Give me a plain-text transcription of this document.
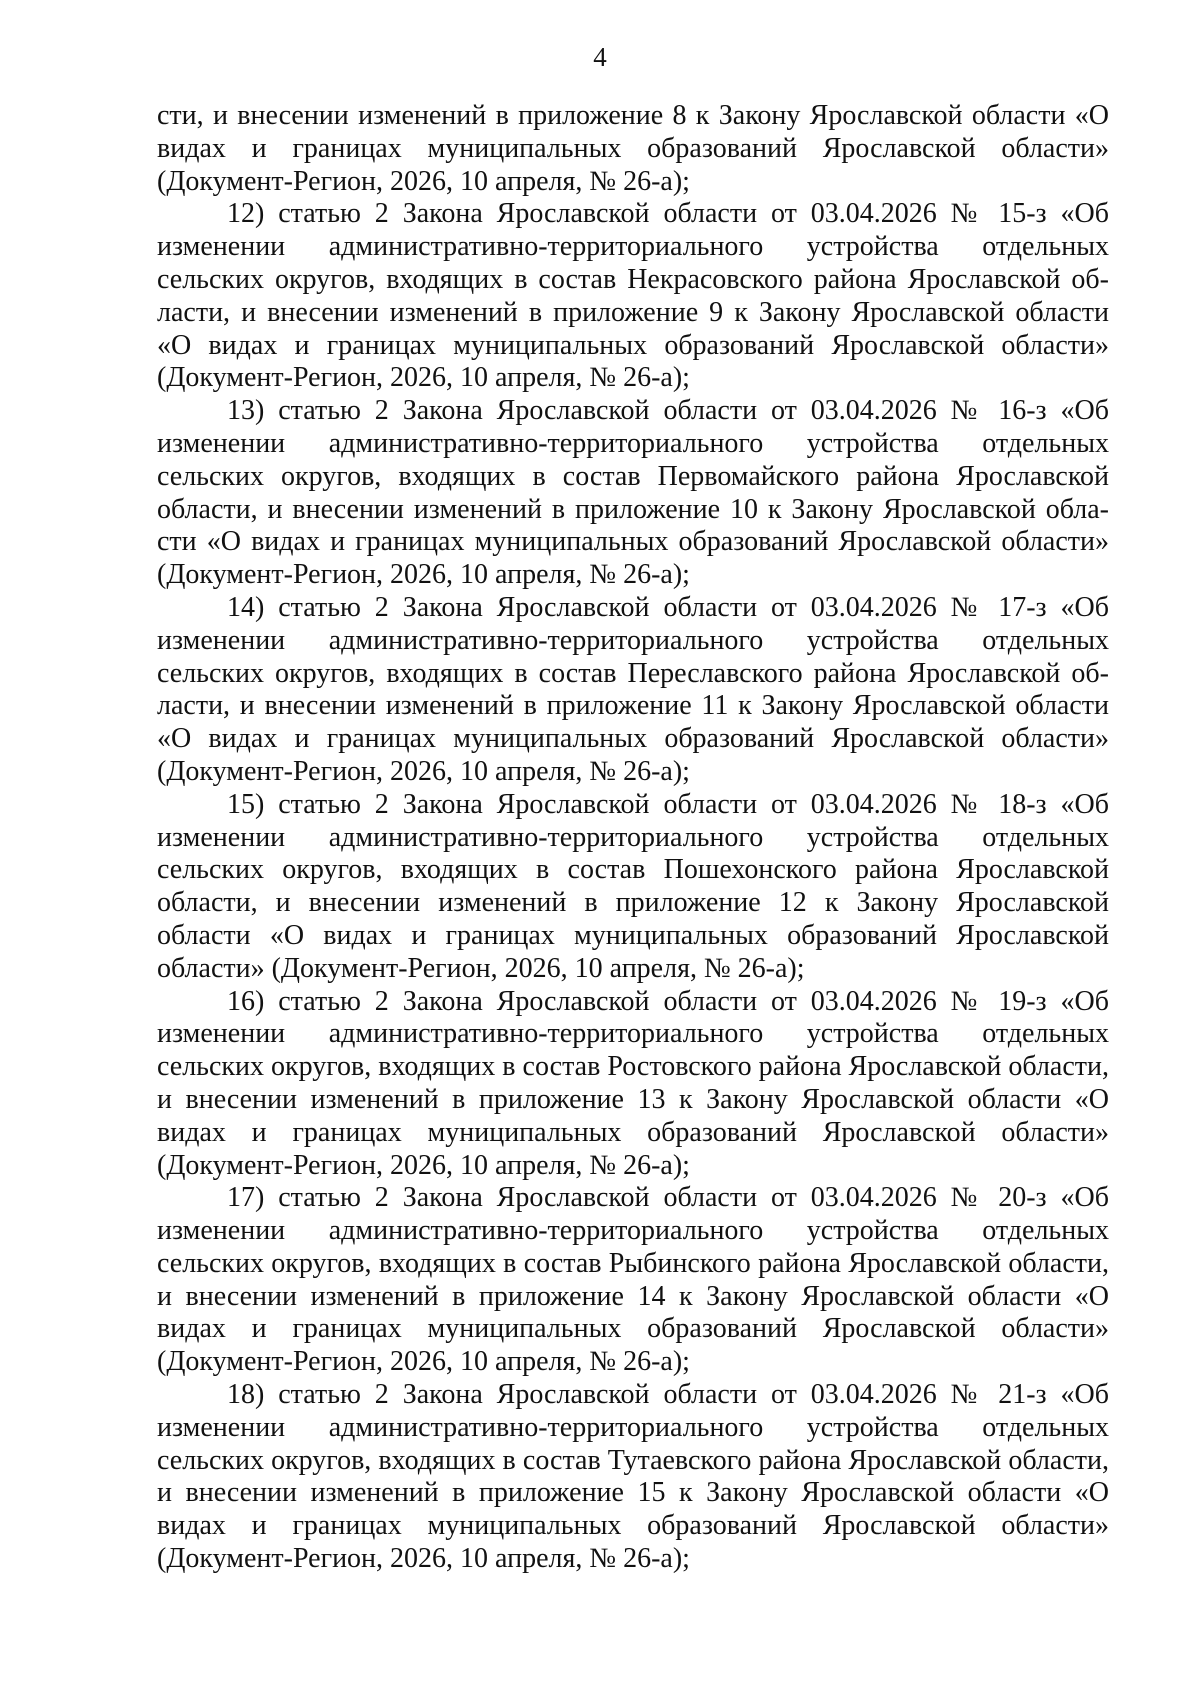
4

сти, и внесении изменений в приложение 8 к Закону Ярославской области «О видах и границах муниципальных образований Ярославской области» (Документ-Регион, 2026, 10 апреля, № 26-а);

12) статью 2 Закона Ярославской области от 03.04.2026 № 15-з «Об изменении административно-территориального устройства отдельных сельских округов, входящих в состав Некрасовского района Ярославской области, и внесении изменений в приложение 9 к Закону Ярославской области «О видах и границах муниципальных образований Ярославской области» (Документ-Регион, 2026, 10 апреля, № 26-а);

13) статью 2 Закона Ярославской области от 03.04.2026 № 16-з «Об изменении административно-территориального устройства отдельных сельских округов, входящих в состав Первомайского района Ярославской области, и внесении изменений в приложение 10 к Закону Ярославской области «О видах и границах муниципальных образований Ярославской области» (Документ-Регион, 2026, 10 апреля, № 26-а);

14) статью 2 Закона Ярославской области от 03.04.2026 № 17-з «Об изменении административно-территориального устройства отдельных сельских округов, входящих в состав Переславского района Ярославской области, и внесении изменений в приложение 11 к Закону Ярославской области «О видах и границах муниципальных образований Ярославской области» (Документ-Регион, 2026, 10 апреля, № 26-а);

15) статью 2 Закона Ярославской области от 03.04.2026 № 18-з «Об изменении административно-территориального устройства отдельных сельских округов, входящих в состав Пошехонского района Ярославской области, и внесении изменений в приложение 12 к Закону Ярославской области «О видах и границах муниципальных образований Ярославской области» (Документ-Регион, 2026, 10 апреля, № 26-а);

16) статью 2 Закона Ярославской области от 03.04.2026 № 19-з «Об изменении административно-территориального устройства отдельных сельских округов, входящих в состав Ростовского района Ярославской области, и внесении изменений в приложение 13 к Закону Ярославской области «О видах и границах муниципальных образований Ярославской области» (Документ-Регион, 2026, 10 апреля, № 26-а);

17) статью 2 Закона Ярославской области от 03.04.2026 № 20-з «Об изменении административно-территориального устройства отдельных сельских округов, входящих в состав Рыбинского района Ярославской области, и внесении изменений в приложение 14 к Закону Ярославской области «О видах и границах муниципальных образований Ярославской области» (Документ-Регион, 2026, 10 апреля, № 26-а);

18) статью 2 Закона Ярославской области от 03.04.2026 № 21-з «Об изменении административно-территориального устройства отдельных сельских округов, входящих в состав Тутаевского района Ярославской области, и внесении изменений в приложение 15 к Закону Ярославской области «О видах и границах муниципальных образований Ярославской области» (Документ-Регион, 2026, 10 апреля, № 26-а);
